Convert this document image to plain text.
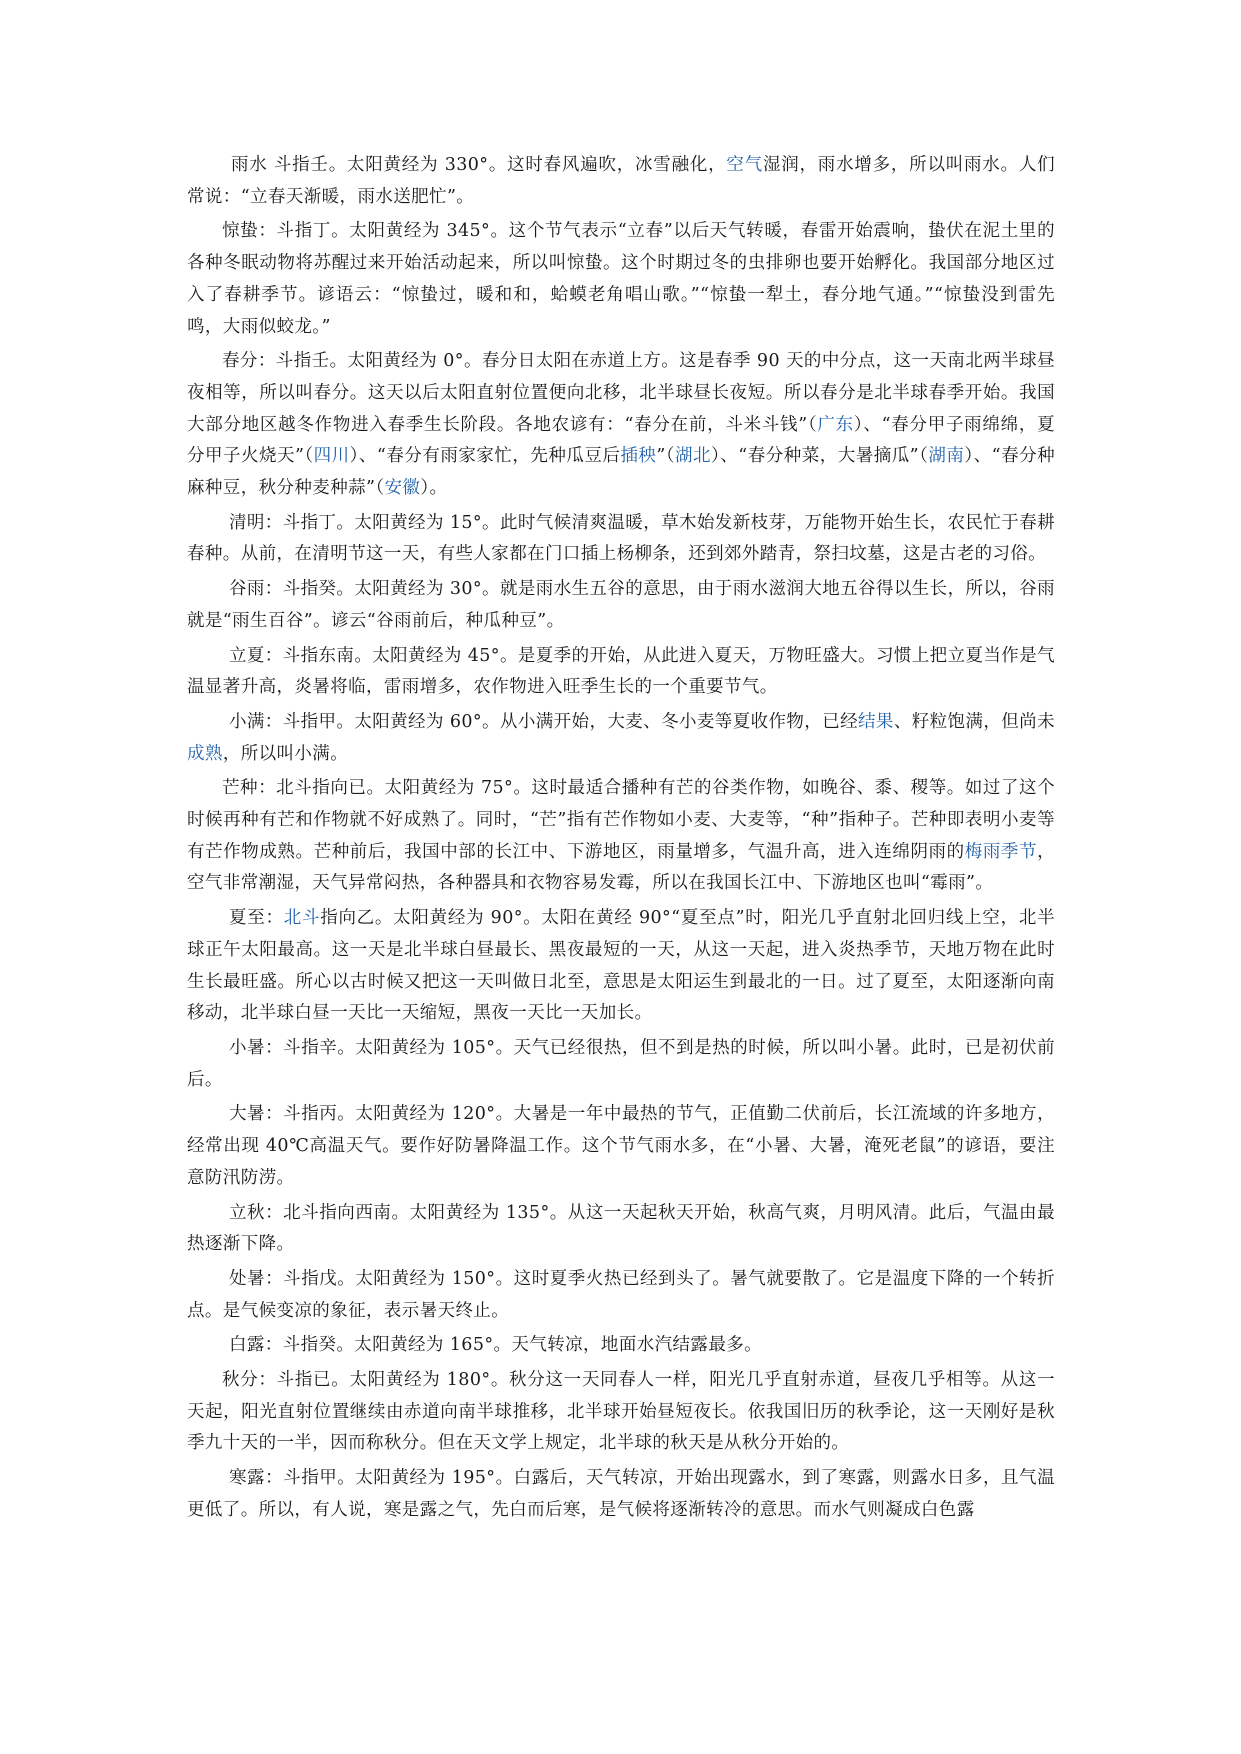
雨水 斗指壬。太阳黄经为 330°。这时春风遍吹，冰雪融化，空气湿润，雨水增多，所以叫雨水。人们常说：“立春天渐暖，雨水送肥忙”。

惊蛰：斗指丁。太阳黄经为 345°。这个节气表示“立春”以后天气转暖，春雷开始震响，蛰伏在泥土里的各种冬眠动物将苏醒过来开始活动起来，所以叫惊蛰。这个时期过冬的虫排卵也要开始孵化。我国部分地区过入了春耕季节。谚语云：“惊蛰过，暖和和，蛤蟆老角唱山歌。”“惊蛰一犁土，春分地气通。”“惊蛰没到雷先鸣，大雨似蛟龙。”

春分：斗指壬。太阳黄经为 0°。春分日太阳在赤道上方。这是春季 90 天的中分点，这一天南北两半球昼夜相等，所以叫春分。这天以后太阳直射位置便向北移，北半球昼长夜短。所以春分是北半球春季开始。我国大部分地区越冬作物进入春季生长阶段。各地农谚有：“春分在前，斗米斗钱”（广东）、“春分甲子雨绵绵，夏分甲子火烧天”（四川）、“春分有雨家家忙，先种瓜豆后插秧”（湖北）、“春分种菜，大暑摘瓜”（湖南）、“春分种麻种豆，秋分种麦种蒜”（安徽）。

清明：斗指丁。太阳黄经为 15°。此时气候清爽温暖，草木始发新枝芽，万能物开始生长，农民忙于春耕春种。从前，在清明节这一天，有些人家都在门口插上杨柳条，还到郊外踏青，祭扫坟墓，这是古老的习俗。

谷雨：斗指癸。太阳黄经为 30°。就是雨水生五谷的意思，由于雨水滋润大地五谷得以生长，所以，谷雨就是“雨生百谷”。谚云“谷雨前后，种瓜种豆”。

立夏：斗指东南。太阳黄经为 45°。是夏季的开始，从此进入夏天，万物旺盛大。习惯上把立夏当作是气温显著升高，炎暑将临，雷雨增多，农作物进入旺季生长的一个重要节气。

小满：斗指甲。太阳黄经为 60°。从小满开始，大麦、冬小麦等夏收作物，已经结果、籽粒饱满，但尚未成熟，所以叫小满。

芒种：北斗指向已。太阳黄经为 75°。这时最适合播种有芒的谷类作物，如晚谷、黍、稷等。如过了这个时候再种有芒和作物就不好成熟了。同时，“芒”指有芒作物如小麦、大麦等，“种”指种子。芒种即表明小麦等有芒作物成熟。芒种前后，我国中部的长江中、下游地区，雨量增多，气温升高，进入连绵阴雨的梅雨季节，空气非常潮湿，天气异常闷热，各种器具和衣物容易发霉，所以在我国长江中、下游地区也叫“霉雨”。

夏至：北斗指向乙。太阳黄经为 90°。太阳在黄经 90°“夏至点”时，阳光几乎直射北回归线上空，北半球正午太阳最高。这一天是北半球白昼最长、黑夜最短的一天，从这一天起，进入炎热季节，天地万物在此时生长最旺盛。所心以古时候又把这一天叫做日北至，意思是太阳运生到最北的一日。过了夏至，太阳逐渐向南移动，北半球白昼一天比一天缩短，黑夜一天比一天加长。

小暑：斗指辛。太阳黄经为 105°。天气已经很热，但不到是热的时候，所以叫小暑。此时，已是初伏前后。

大暑：斗指丙。太阳黄经为 120°。大暑是一年中最热的节气，正值勤二伏前后，长江流域的许多地方，经常出现 40℃高温天气。要作好防暑降温工作。这个节气雨水多，在“小暑、大暑，淹死老鼠”的谚语，要注意防汛防涝。

立秋：北斗指向西南。太阳黄经为 135°。从这一天起秋天开始，秋高气爽，月明风清。此后，气温由最热逐渐下降。

处暑：斗指戊。太阳黄经为 150°。这时夏季火热已经到头了。暑气就要散了。它是温度下降的一个转折点。是气候变凉的象征，表示暑天终止。

白露：斗指癸。太阳黄经为 165°。天气转凉，地面水汽结露最多。

秋分：斗指已。太阳黄经为 180°。秋分这一天同春人一样，阳光几乎直射赤道，昼夜几乎相等。从这一天起，阳光直射位置继续由赤道向南半球推移，北半球开始昼短夜长。依我国旧历的秋季论，这一天刚好是秋季九十天的一半，因而称秋分。但在天文学上规定，北半球的秋天是从秋分开始的。

寒露：斗指甲。太阳黄经为 195°。白露后，天气转凉，开始出现露水，到了寒露，则露水日多，且气温更低了。所以，有人说，寒是露之气，先白而后寒，是气候将逐渐转冷的意思。而水气则凝成白色露
